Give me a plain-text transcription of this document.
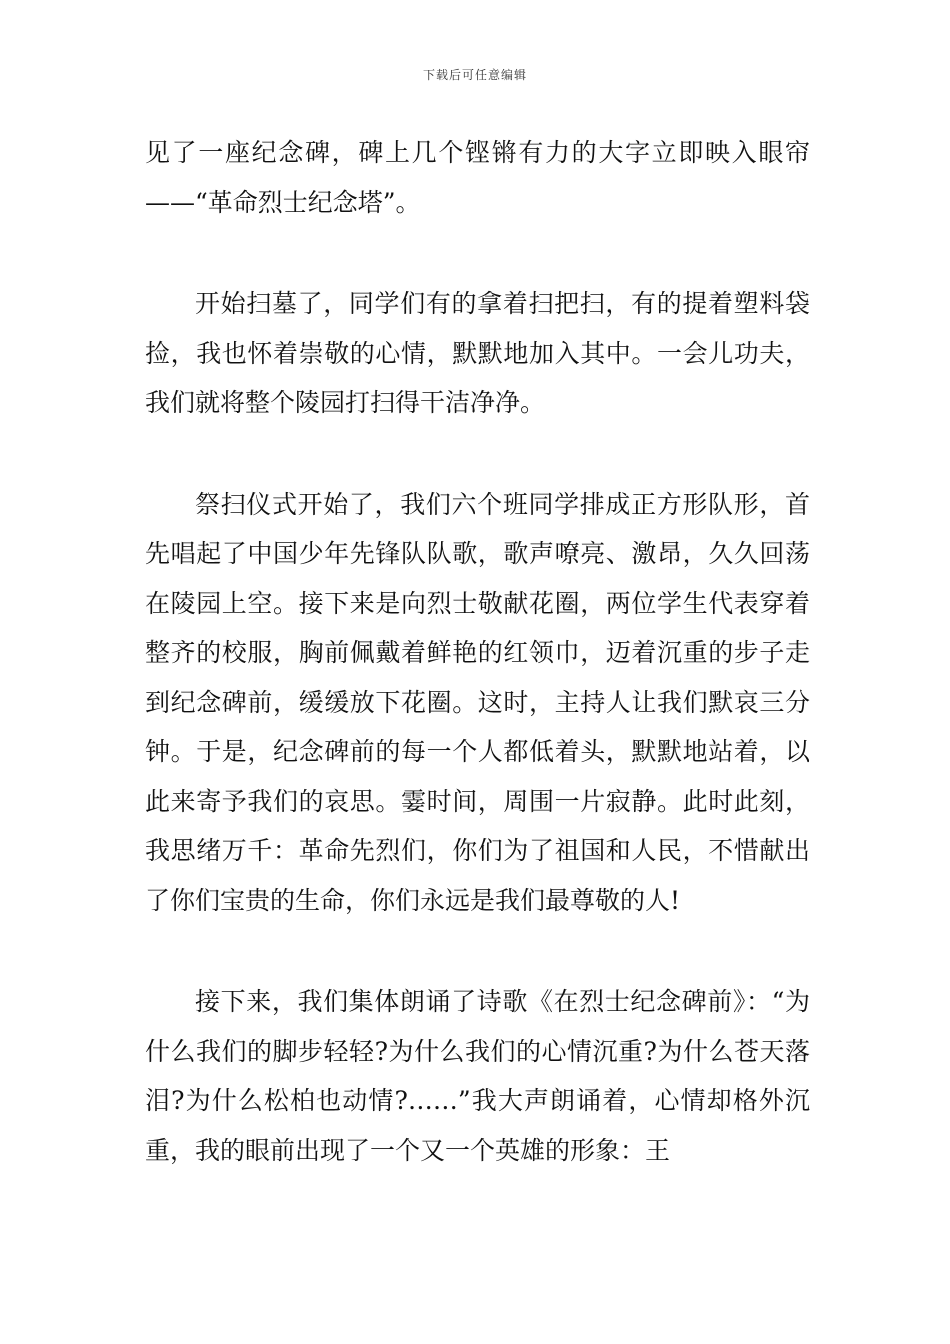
下载后可任意编辑

见了一座纪念碑，碑上几个铿锵有力的大字立即映入眼帘——“革命烈士纪念塔”。

开始扫墓了，同学们有的拿着扫把扫，有的提着塑料袋捡，我也怀着崇敬的心情，默默地加入其中。一会儿功夫，我们就将整个陵园打扫得干洁净净。

祭扫仪式开始了，我们六个班同学排成正方形队形，首先唱起了中国少年先锋队队歌，歌声嘹亮、激昂，久久回荡在陵园上空。接下来是向烈士敬献花圈，两位学生代表穿着整齐的校服，胸前佩戴着鲜艳的红领巾，迈着沉重的步子走到纪念碑前，缓缓放下花圈。这时，主持人让我们默哀三分钟。于是，纪念碑前的每一个人都低着头，默默地站着，以此来寄予我们的哀思。霎时间，周围一片寂静。此时此刻，我思绪万千：革命先烈们，你们为了祖国和人民，不惜献出了你们宝贵的生命，你们永远是我们最尊敬的人!

接下来，我们集体朗诵了诗歌《在烈士纪念碑前》：“为什么我们的脚步轻轻?为什么我们的心情沉重?为什么苍天落泪?为什么松柏也动情?……”我大声朗诵着，心情却格外沉重，我的眼前出现了一个又一个英雄的形象：王
